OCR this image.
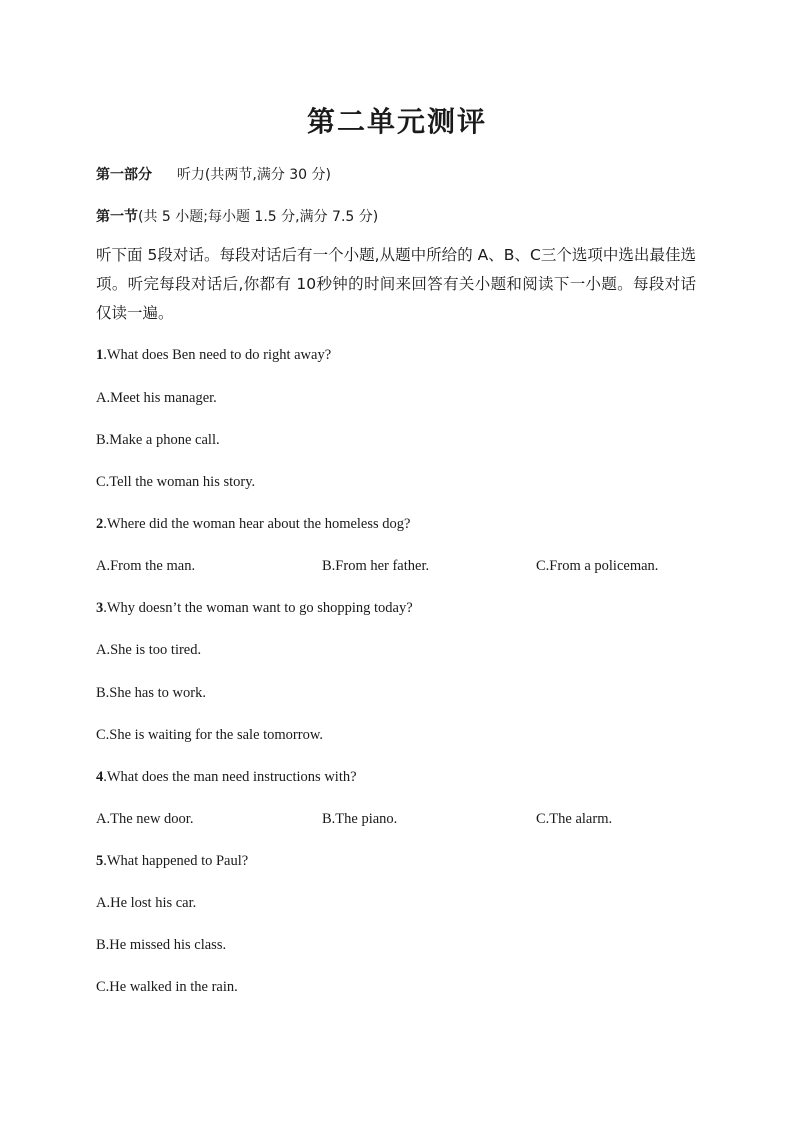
第二单元测评
第一部分 听力(共两节,满分 30 分)
第一节(共 5 小题;每小题 1.5 分,满分 7.5 分)
听下面 5段对话。每段对话后有一个小题,从题中所给的 A、B、C三个选项中选出最佳选项。听完每段对话后,你都有 10秒钟的时间来回答有关小题和阅读下一小题。每段对话仅读一遍。
1.What does Ben need to do right away?
A.Meet his manager.
B.Make a phone call.
C.Tell the woman his story.
2.Where did the woman hear about the homeless dog?
A.From the man.	B.From her father.	C.From a policeman.
3.Why doesn’t the woman want to go shopping today?
A.She is too tired.
B.She has to work.
C.She is waiting for the sale tomorrow.
4.What does the man need instructions with?
A.The new door.	B.The piano.	C.The alarm.
5.What happened to Paul?
A.He lost his car.
B.He missed his class.
C.He walked in the rain.
